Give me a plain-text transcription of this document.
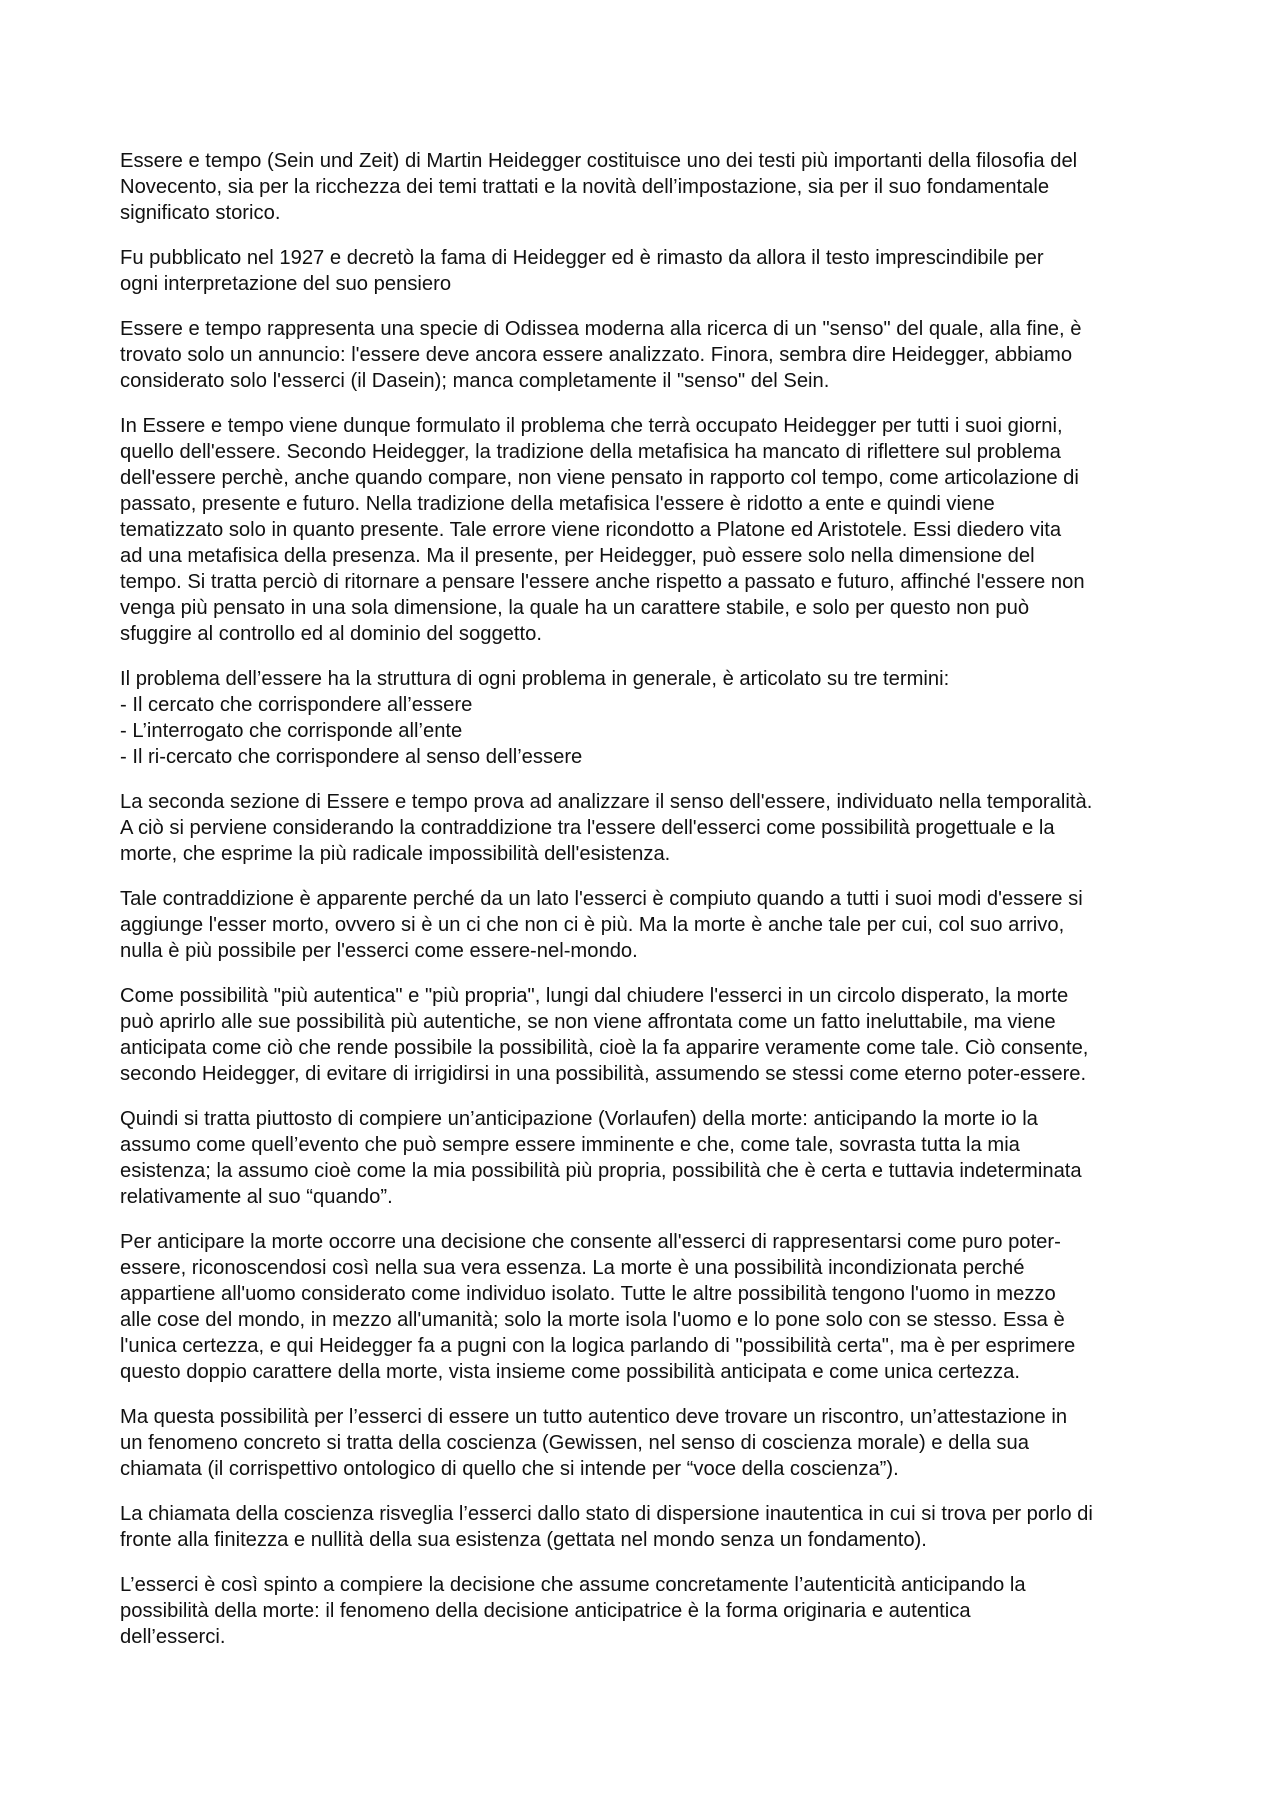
Essere e tempo (Sein und Zeit) di Martin Heidegger costituisce uno dei testi più importanti della filosofia del
Novecento, sia per la ricchezza dei temi trattati e la novità dell’impostazione, sia per il suo fondamentale
significato storico.

Fu pubblicato nel 1927 e decretò la fama di Heidegger ed è rimasto da allora il testo imprescindibile per
ogni interpretazione del suo pensiero

Essere e tempo rappresenta una specie di Odissea moderna alla ricerca di un "senso" del quale, alla fine, è
trovato solo un annuncio: l'essere deve ancora essere analizzato. Finora, sembra dire Heidegger, abbiamo
considerato solo l'esserci (il Dasein); manca completamente il "senso" del Sein.

In Essere e tempo viene dunque formulato il problema che terrà occupato Heidegger per tutti i suoi giorni,
quello dell'essere. Secondo Heidegger, la tradizione della metafisica ha mancato di riflettere sul problema
dell'essere perchè, anche quando compare, non viene pensato in rapporto col tempo, come articolazione di
passato, presente e futuro. Nella tradizione della metafisica l'essere è ridotto a ente e quindi viene
tematizzato solo in quanto presente. Tale errore viene ricondotto a Platone ed Aristotele. Essi diedero vita
ad una metafisica della presenza. Ma il presente, per Heidegger, può essere solo nella dimensione del
tempo. Si tratta perciò di ritornare a pensare l'essere anche rispetto a passato e futuro, affinché l'essere non
venga più pensato in una sola dimensione, la quale ha un carattere stabile, e solo per questo non può
sfuggire al controllo ed al dominio del soggetto.

Il problema dell’essere ha la struttura di ogni problema in generale, è articolato su tre termini:

- Il cercato che corrispondere all’essere
- L’interrogato che corrisponde all’ente
- Il ri-cercato che corrispondere al senso dell’essere

La seconda sezione di Essere e tempo prova ad analizzare il senso dell'essere, individuato nella temporalità.
A ciò si perviene considerando la contraddizione tra l'essere dell'esserci come possibilità progettuale e la
morte, che esprime la più radicale impossibilità dell'esistenza.

Tale contraddizione è apparente perché da un lato l'esserci è compiuto quando a tutti i suoi modi d'essere si
aggiunge l'esser morto, ovvero si è un ci che non ci è più. Ma la morte è anche tale per cui, col suo arrivo,
nulla è più possibile per l'esserci come essere-nel-mondo.

Come possibilità "più autentica" e "più propria", lungi dal chiudere l'esserci in un circolo disperato, la morte
può aprirlo alle sue possibilità più autentiche, se non viene affrontata come un fatto ineluttabile, ma viene
anticipata come ciò che rende possibile la possibilità, cioè la fa apparire veramente come tale. Ciò consente,
secondo Heidegger, di evitare di irrigidirsi in una possibilità, assumendo se stessi come eterno poter-essere.

Quindi si tratta piuttosto di compiere un’anticipazione (Vorlaufen) della morte: anticipando la morte io la
assumo come quell’evento che può sempre essere imminente e che, come tale, sovrasta tutta la mia
esistenza; la assumo cioè come la mia possibilità più propria, possibilità che è certa e tuttavia indeterminata
relativamente al suo “quando”.

Per anticipare la morte occorre una decisione che consente all'esserci di rappresentarsi come puro poter-
essere, riconoscendosi così nella sua vera essenza. La morte è una possibilità incondizionata perché
appartiene all'uomo considerato come individuo isolato. Tutte le altre possibilità tengono l'uomo in mezzo
alle cose del mondo, in mezzo all'umanità; solo la morte isola l'uomo e lo pone solo con se stesso. Essa è
l'unica certezza, e qui Heidegger fa a pugni con la logica parlando di "possibilità certa", ma è per esprimere
questo doppio carattere della morte, vista insieme come possibilità anticipata e come unica certezza.

Ma questa possibilità per l’esserci di essere un tutto autentico deve trovare un riscontro, un’attestazione in
un fenomeno concreto si tratta della coscienza (Gewissen, nel senso di coscienza morale) e della sua
chiamata (il corrispettivo ontologico di quello che si intende per “voce della coscienza”).

La chiamata della coscienza risveglia l’esserci dallo stato di dispersione inautentica in cui si trova per porlo di
fronte alla finitezza e nullità della sua esistenza (gettata nel mondo senza un fondamento).

L’esserci è così spinto a compiere la decisione che assume concretamente l’autenticità anticipando la
possibilità della morte: il fenomeno della decisione anticipatrice è la forma originaria e autentica
dell’esserci.
